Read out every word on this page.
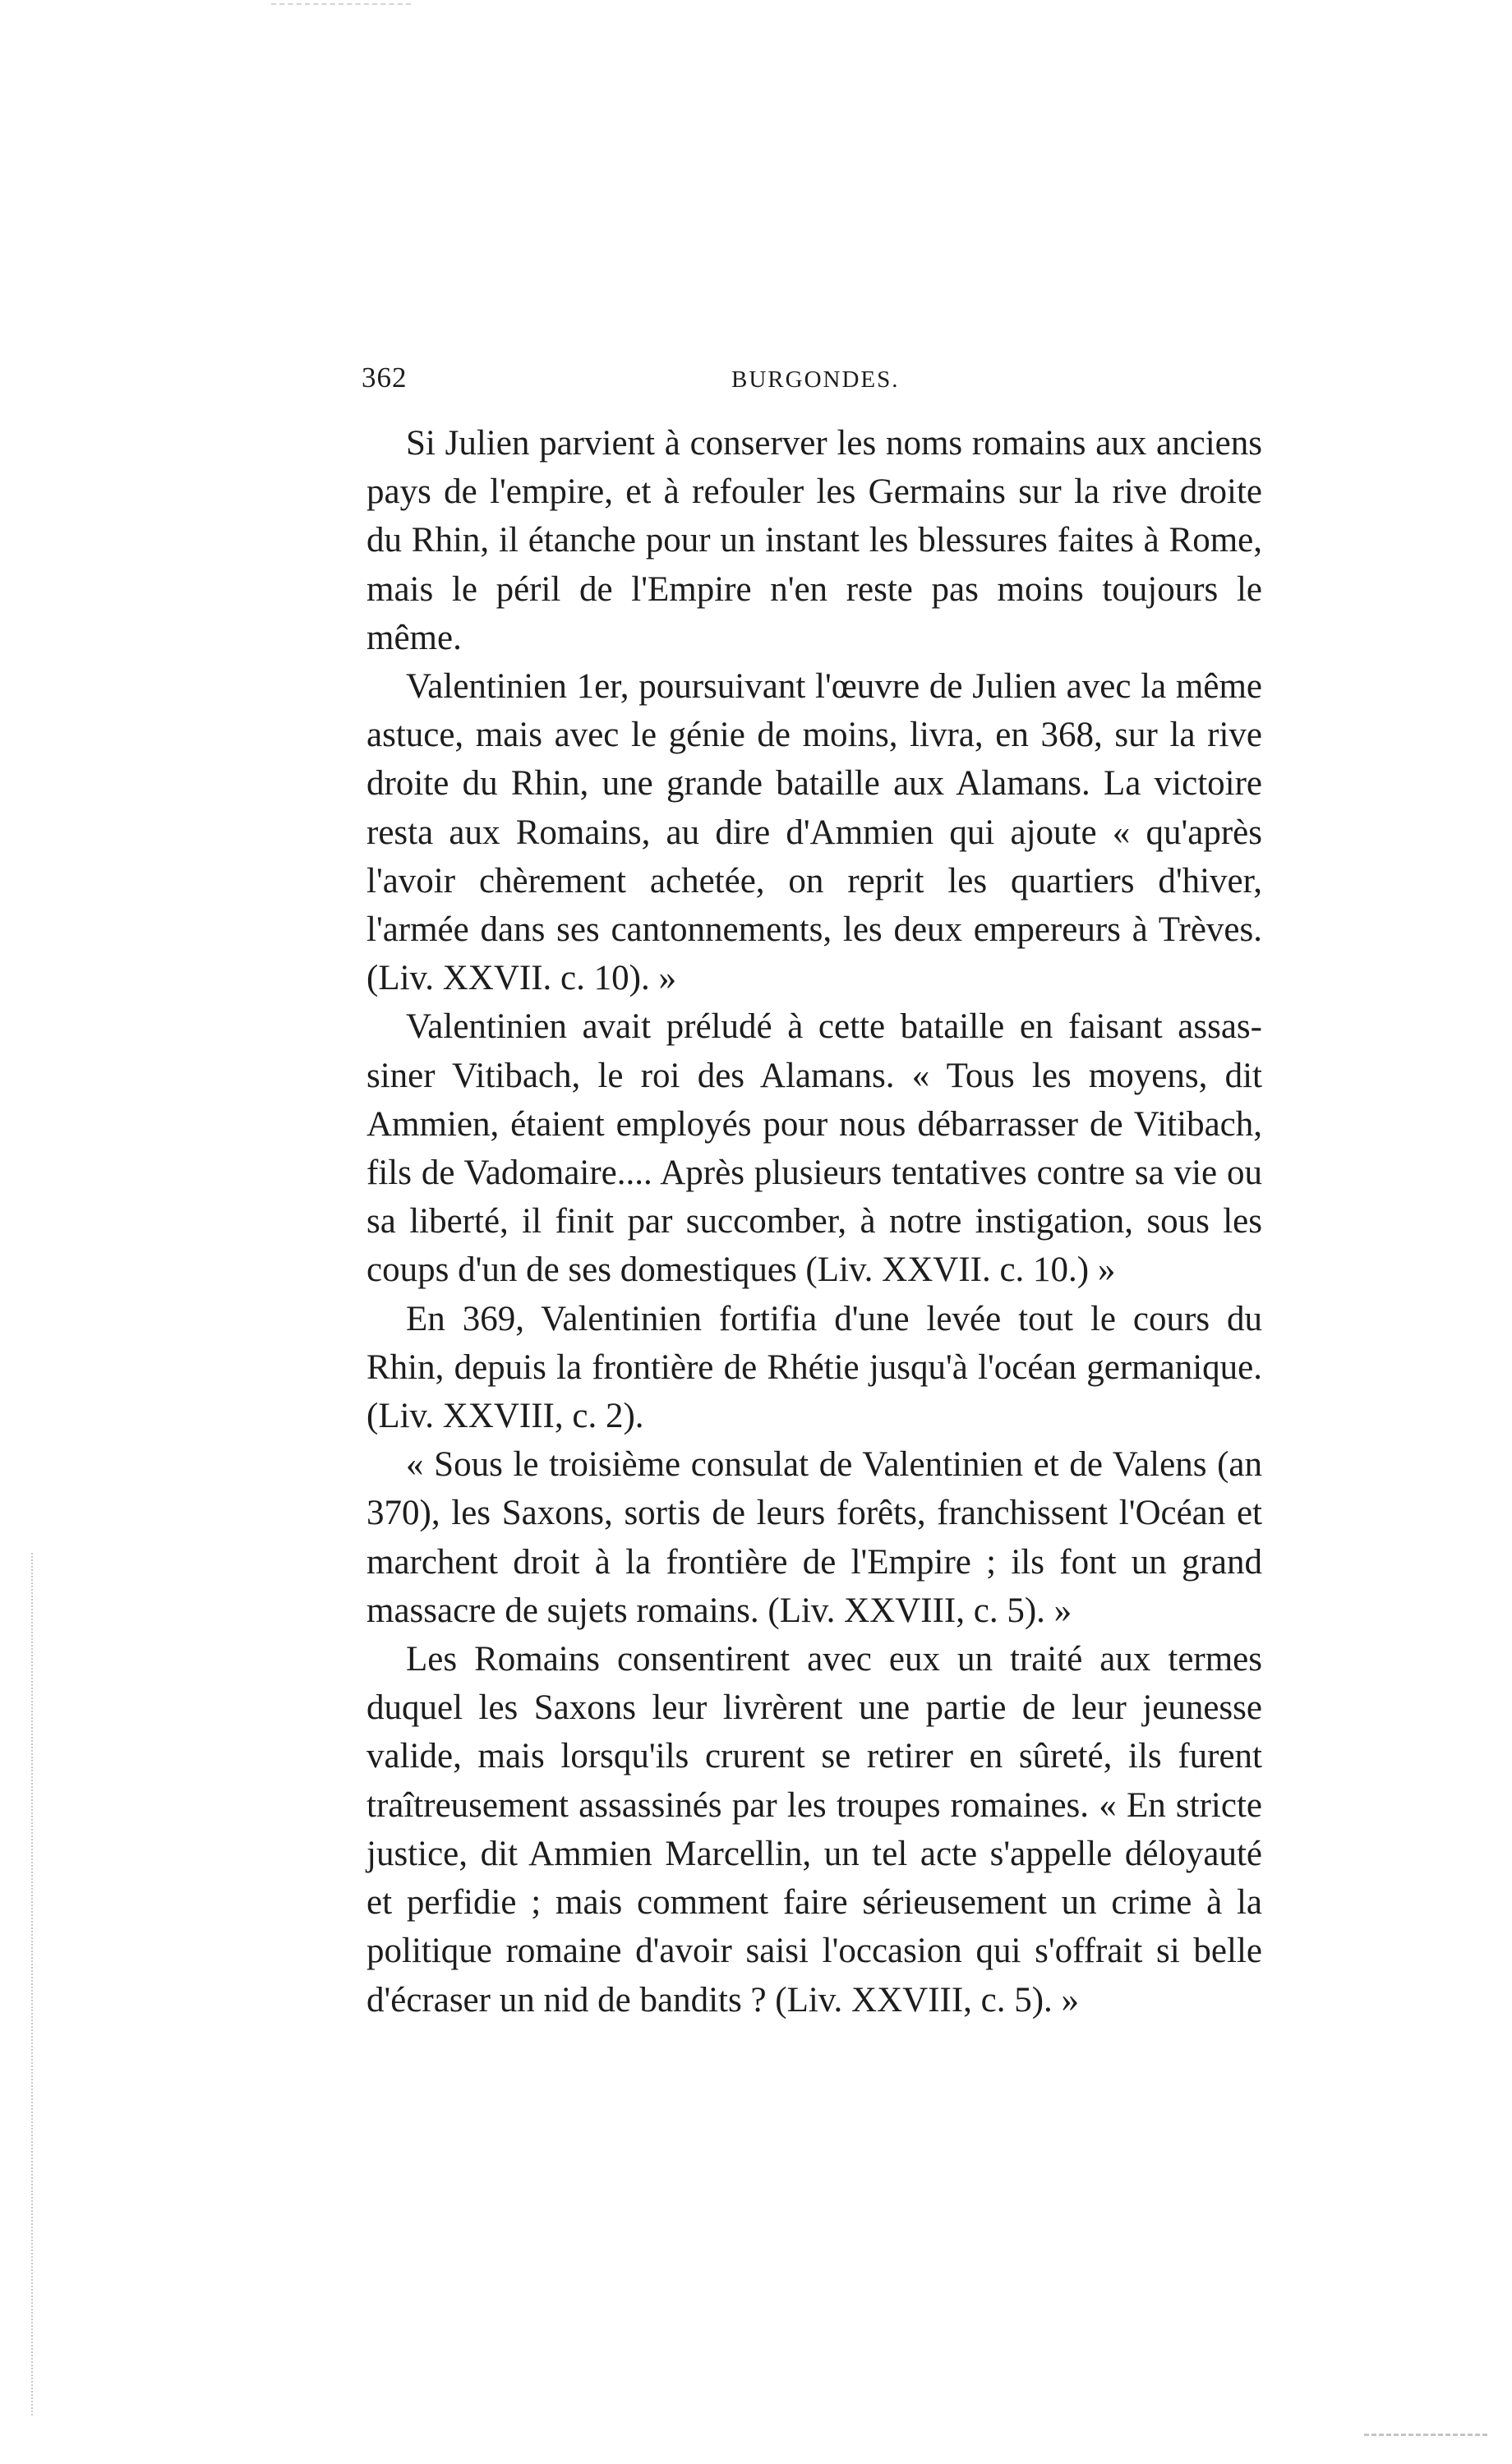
362	BURGONDES.

Si Julien parvient à conserver les noms romains aux anciens pays de l'empire, et à refouler les Germains sur la rive droite du Rhin, il étanche pour un instant les blessures faites à Rome, mais le péril de l'Empire n'en reste pas moins toujours le même.

Valentinien 1er, poursuivant l'œuvre de Julien avec la même astuce, mais avec le génie de moins, livra, en 368, sur la rive droite du Rhin, une grande bataille aux Alamans. La victoire resta aux Romains, au dire d'Ammien qui ajoute « qu'après l'avoir chèrement achetée, on reprit les quartiers d'hiver, l'armée dans ses cantonnements, les deux empereurs à Trèves. (Liv. XXVII. c. 10). »

Valentinien avait préludé à cette bataille en faisant assassiner Vitibach, le roi des Alamans. « Tous les moyens, dit Ammien, étaient employés pour nous débarrasser de Vitibach, fils de Vadomaire.... Après plusieurs tentatives contre sa vie ou sa liberté, il finit par succomber, à notre instigation, sous les coups d'un de ses domestiques (Liv. XXVII. c. 10.) »

En 369, Valentinien fortifia d'une levée tout le cours du Rhin, depuis la frontière de Rhétie jusqu'à l'océan germanique. (Liv. XXVIII, c. 2).

« Sous le troisième consulat de Valentinien et de Valens (an 370), les Saxons, sortis de leurs forêts, franchissent l'Océan et marchent droit à la frontière de l'Empire ; ils font un grand massacre de sujets romains. (Liv. XXVIII, c. 5). »

Les Romains consentirent avec eux un traité aux termes duquel les Saxons leur livrèrent une partie de leur jeunesse valide, mais lorsqu'ils crurent se retirer en sûreté, ils furent traîtreusement assassinés par les troupes romaines. « En stricte justice, dit Ammien Marcellin, un tel acte s'appelle déloyauté et perfidie ; mais comment faire sérieusement un crime à la politique romaine d'avoir saisi l'occasion qui s'offrait si belle d'écraser un nid de bandits ? (Liv. XXVIII, c. 5). »
